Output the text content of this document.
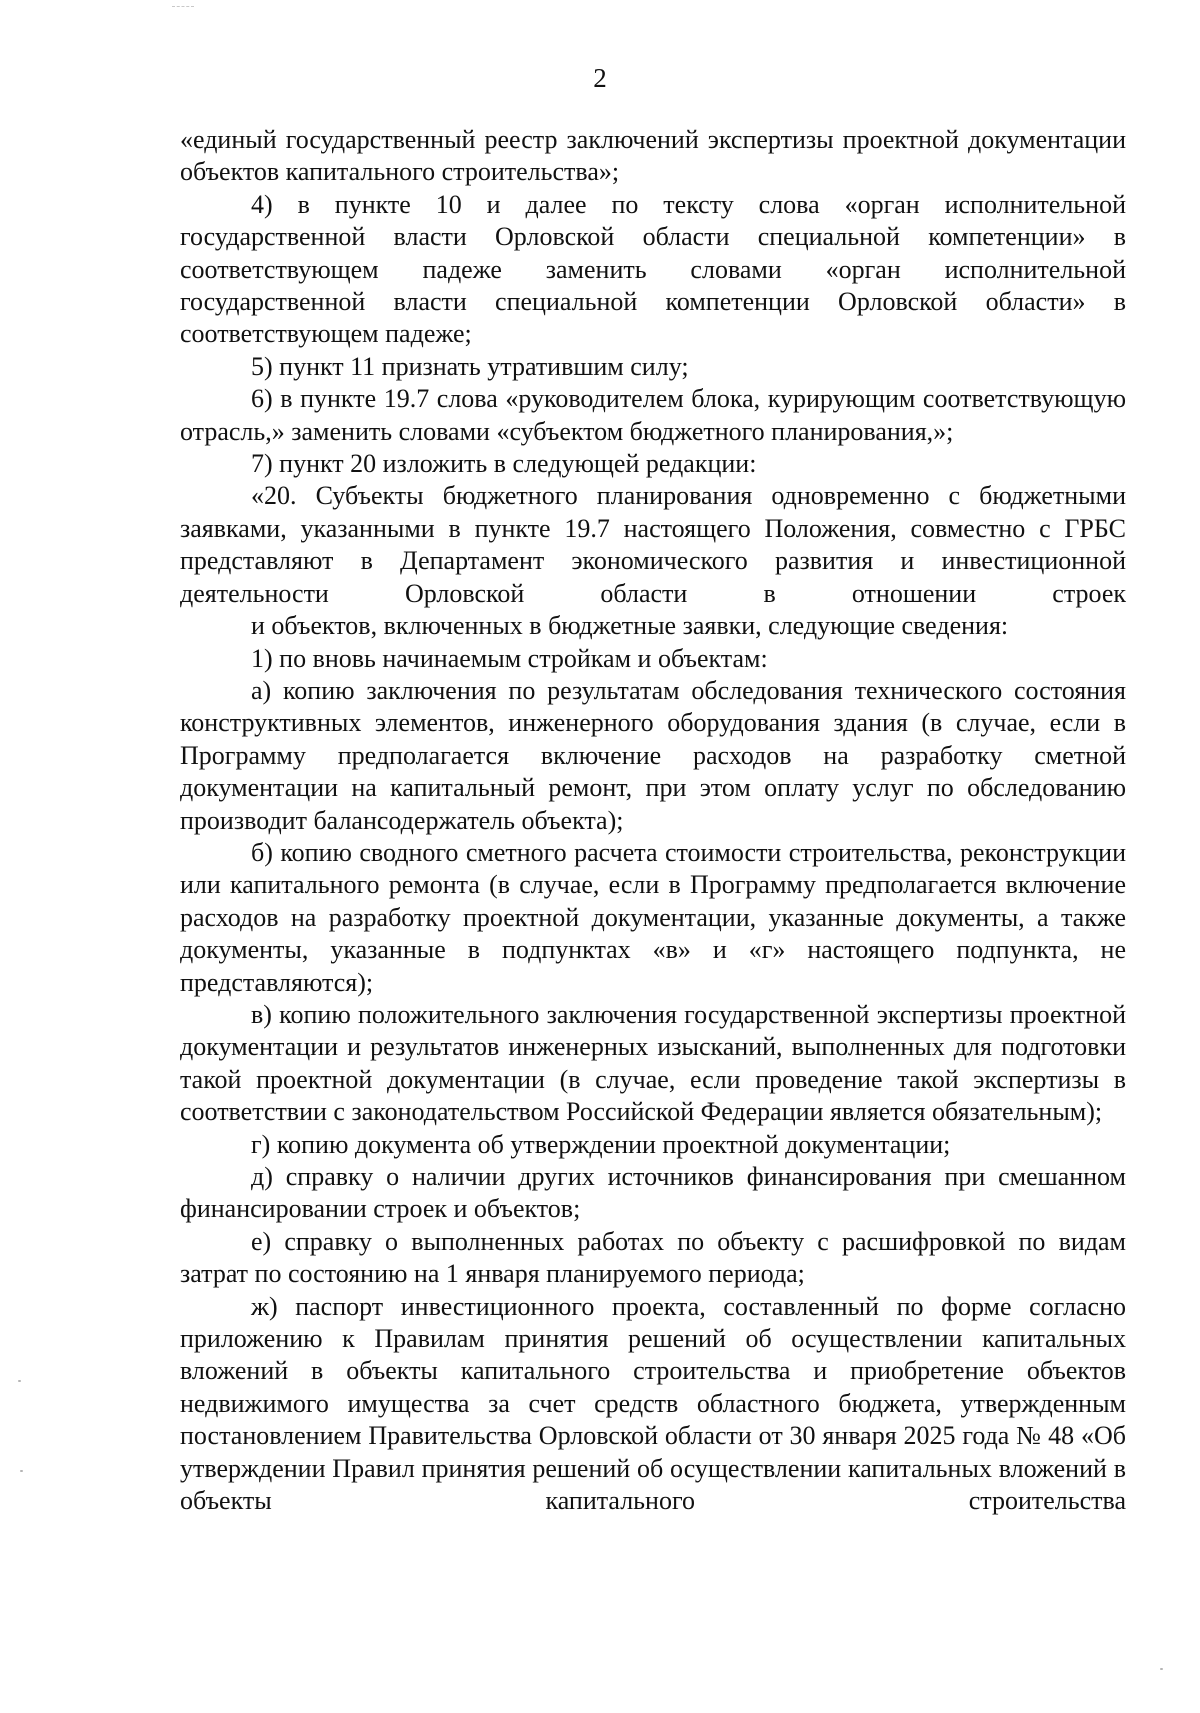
2

«единый государственный реестр заключений экспертизы проектной документации объектов капитального строительства»;

4) в пункте 10 и далее по тексту слова «орган исполнительной государственной власти Орловской области специальной компетенции» в соответствующем падеже заменить словами «орган исполнительной государственной власти специальной компетенции Орловской области» в соответствующем падеже;

5) пункт 11 признать утратившим силу;

6) в пункте 19.7 слова «руководителем блока, курирующим соответствующую отрасль,» заменить словами «субъектом бюджетного планирования,»;

7) пункт 20 изложить в следующей редакции:

«20. Субъекты бюджетного планирования одновременно с бюджетными заявками, указанными в пункте 19.7 настоящего Положения, совместно с ГРБС представляют в Департамент экономического развития и инвестиционной деятельности Орловской области в отношении строек

и объектов, включенных в бюджетные заявки, следующие сведения:

1) по вновь начинаемым стройкам и объектам:

а) копию заключения по результатам обследования технического состояния конструктивных элементов, инженерного оборудования здания (в случае, если в Программу предполагается включение расходов на разработку сметной документации на капитальный ремонт, при этом оплату услуг по обследованию производит балансодержатель объекта);

б) копию сводного сметного расчета стоимости строительства, реконструкции или капитального ремонта (в случае, если в Программу предполагается включение расходов на разработку проектной документации, указанные документы, а также документы, указанные в подпунктах «в» и «г» настоящего подпункта, не представляются);

в) копию положительного заключения государственной экспертизы проектной документации и результатов инженерных изысканий, выполненных для подготовки такой проектной документации (в случае, если проведение такой экспертизы в соответствии с законодательством Российской Федерации является обязательным);

г) копию документа об утверждении проектной документации;

д) справку о наличии других источников финансирования при смешанном финансировании строек и объектов;

е) справку о выполненных работах по объекту с расшифровкой по видам затрат по состоянию на 1 января планируемого периода;

ж) паспорт инвестиционного проекта, составленный по форме согласно приложению к Правилам принятия решений об осуществлении капитальных вложений в объекты капитального строительства и приобретение объектов недвижимого имущества за счет средств областного бюджета, утвержденным постановлением Правительства Орловской области от 30 января 2025 года № 48 «Об утверждении Правил принятия решений об осуществлении капитальных вложений в объекты капитального строительства
